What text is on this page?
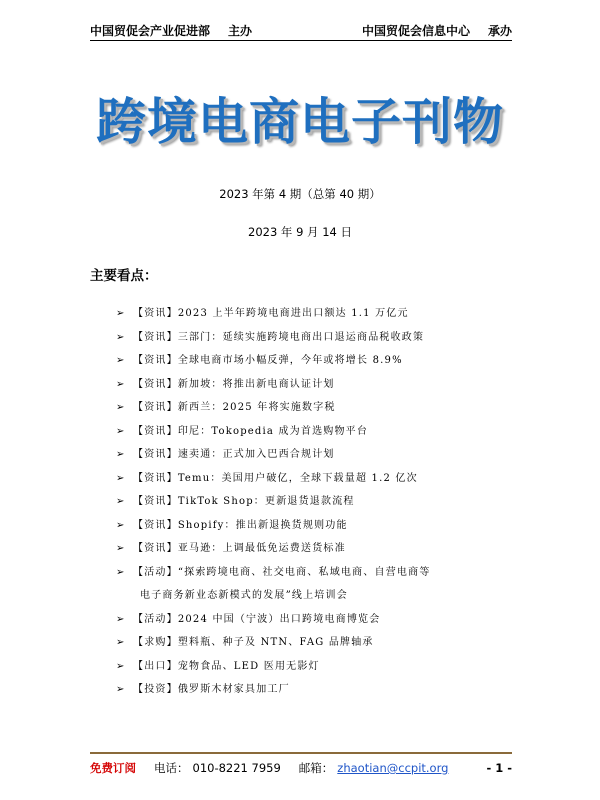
中国贸促会产业促进部 主办	中国贸促会信息中心 承办
跨境电商电子刊物
2023 年第 4 期（总第 40 期）
2023 年 9 月 14 日
主要看点：
➢ 【资讯】2023 上半年跨境电商进出口额达 1.1 万亿元
➢ 【资讯】三部门：延续实施跨境电商出口退运商品税收政策
➢ 【资讯】全球电商市场小幅反弹，今年或将增长 8.9%
➢ 【资讯】新加坡：将推出新电商认证计划
➢ 【资讯】新西兰：2025 年将实施数字税
➢ 【资讯】印尼：Tokopedia 成为首选购物平台
➢ 【资讯】速卖通：正式加入巴西合规计划
➢ 【资讯】Temu：美国用户破亿，全球下载量超 1.2 亿次
➢ 【资讯】TikTok Shop：更新退货退款流程
➢ 【资讯】Shopify：推出新退换货规则功能
➢ 【资讯】亚马逊：上调最低免运费送货标准
➢ 【活动】“探索跨境电商、社交电商、私域电商、自营电商等
电子商务新业态新模式的发展”线上培训会
➢ 【活动】2024 中国（宁波）出口跨境电商博览会
➢ 【求购】塑料瓶、种子及 NTN、FAG 品牌轴承
➢ 【出口】宠物食品、LED 医用无影灯
➢ 【投资】俄罗斯木材家具加工厂
免费订阅 电话： 010-8221 7959 邮箱： zhaotian@ccpit.org	- 1 -
